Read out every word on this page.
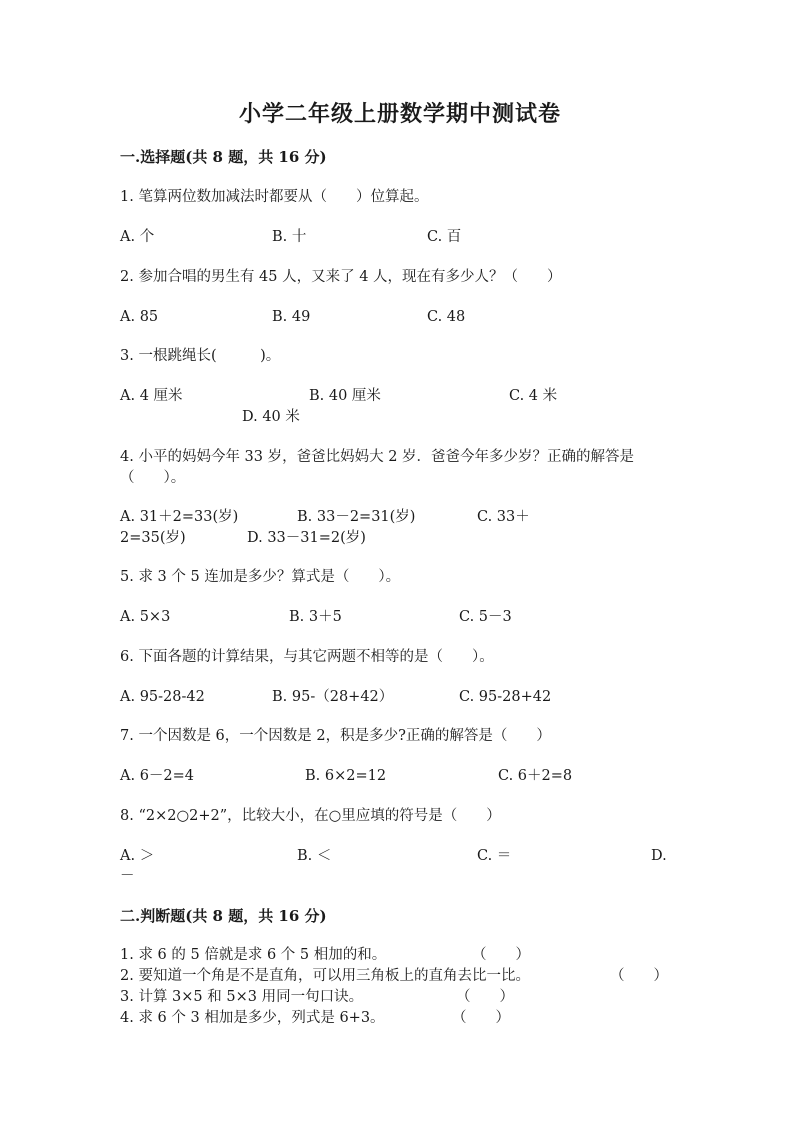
小学二年级上册数学期中测试卷
一.选择题(共 8 题，共 16 分)
1. 笔算两位数加减法时都要从（　　）位算起。
A. 个	B. 十	C. 百
2. 参加合唱的男生有 45 人，又来了 4 人，现在有多少人？（　　）
A. 85	B. 49	C. 48
3. 一根跳绳长(　　　)。
A. 4 厘米	B. 40 厘米	C. 4 米
D. 40 米
4. 小平的妈妈今年 33 岁，爸爸比妈妈大 2 岁．爸爸今年多少岁？正确的解答是
（　　）。
A. 31＋2=33(岁)	B. 33－2=31(岁)	C. 33＋
2=35(岁)	D. 33－31=2(岁)
5. 求 3 个 5 连加是多少？算式是（　　）。
A. 5×3	B. 3＋5	C. 5－3
6. 下面各题的计算结果，与其它两题不相等的是（　　）。
A. 95-28-42	B. 95-（28+42）	C. 95-28+42
7. 一个因数是 6，一个因数是 2，积是多少?正确的解答是（　　）
A. 6－2=4	B. 6×2=12	C. 6＋2=8
8. “2×2○2+2”，比较大小，在○里应填的符号是（　　）
A. ＞	B. ＜	C. ＝	D.
－
二.判断题(共 8 题，共 16 分)
1. 求 6 的 5 倍就是求 6 个 5 相加的和。	（　　）
2. 要知道一个角是不是直角，可以用三角板上的直角去比一比。	（　　）
3. 计算 3×5 和 5×3 用同一句口诀。	（　　）
4. 求 6 个 3 相加是多少，列式是 6+3。	（　　）
